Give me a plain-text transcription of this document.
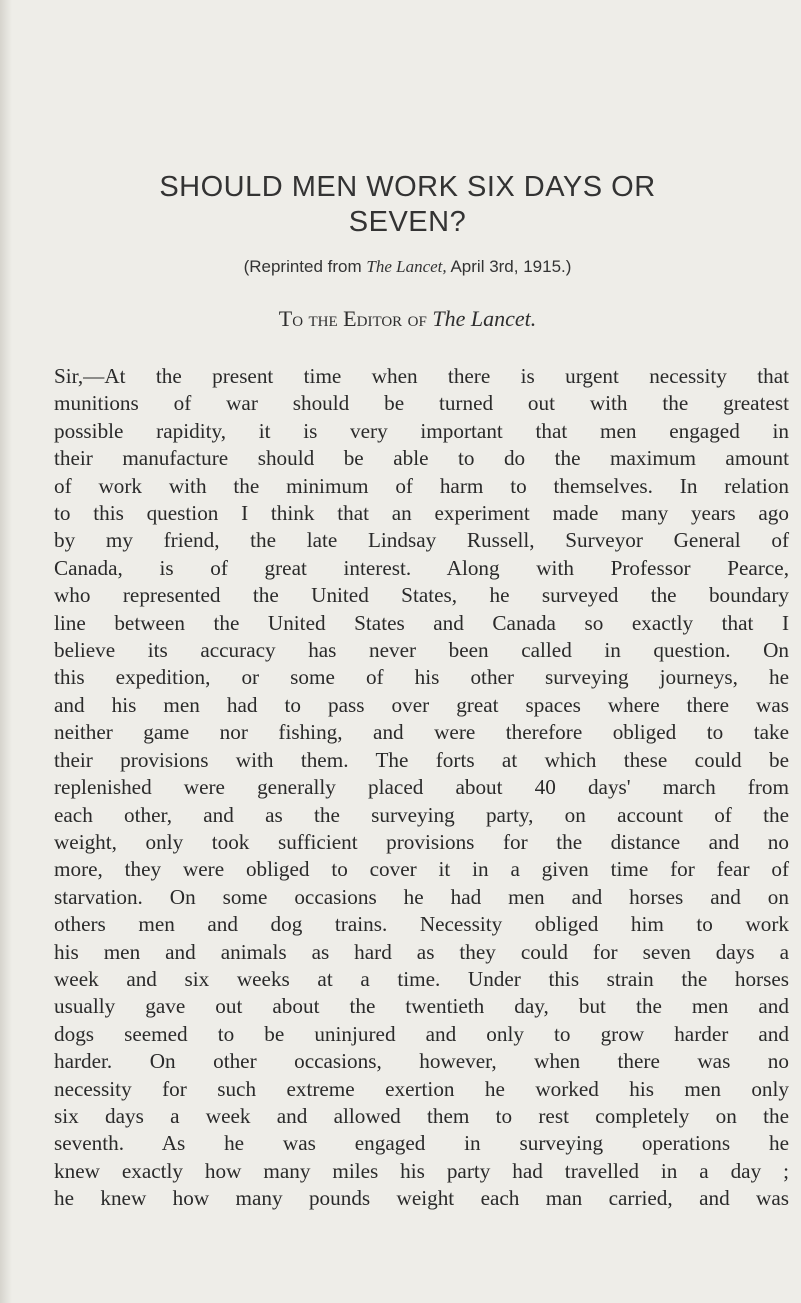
SHOULD MEN WORK SIX DAYS OR
SEVEN?

(Reprinted from The Lancet, April 3rd, 1915.)

To the Editor of The Lancet.

Sir,—At the present time when there is urgent necessity that
munitions of war should be turned out with the greatest
possible rapidity, it is very important that men engaged in
their manufacture should be able to do the maximum amount
of work with the minimum of harm to themselves. In relation
to this question I think that an experiment made many years ago
by my friend, the late Lindsay Russell, Surveyor General of
Canada, is of great interest. Along with Professor Pearce,
who represented the United States, he surveyed the boundary
line between the United States and Canada so exactly that I
believe its accuracy has never been called in question. On
this expedition, or some of his other surveying journeys, he
and his men had to pass over great spaces where there was
neither game nor fishing, and were therefore obliged to take
their provisions with them. The forts at which these could be
replenished were generally placed about 40 days' march from
each other, and as the surveying party, on account of the
weight, only took sufficient provisions for the distance and no
more, they were obliged to cover it in a given time for fear of
starvation. On some occasions he had men and horses and on
others men and dog trains. Necessity obliged him to work
his men and animals as hard as they could for seven days a
week and six weeks at a time. Under this strain the horses
usually gave out about the twentieth day, but the men and
dogs seemed to be uninjured and only to grow harder and
harder. On other occasions, however, when there was no
necessity for such extreme exertion he worked his men only
six days a week and allowed them to rest completely on the
seventh. As he was engaged in surveying operations he
knew exactly how many miles his party had travelled in a day ;
he knew how many pounds weight each man carried, and was
